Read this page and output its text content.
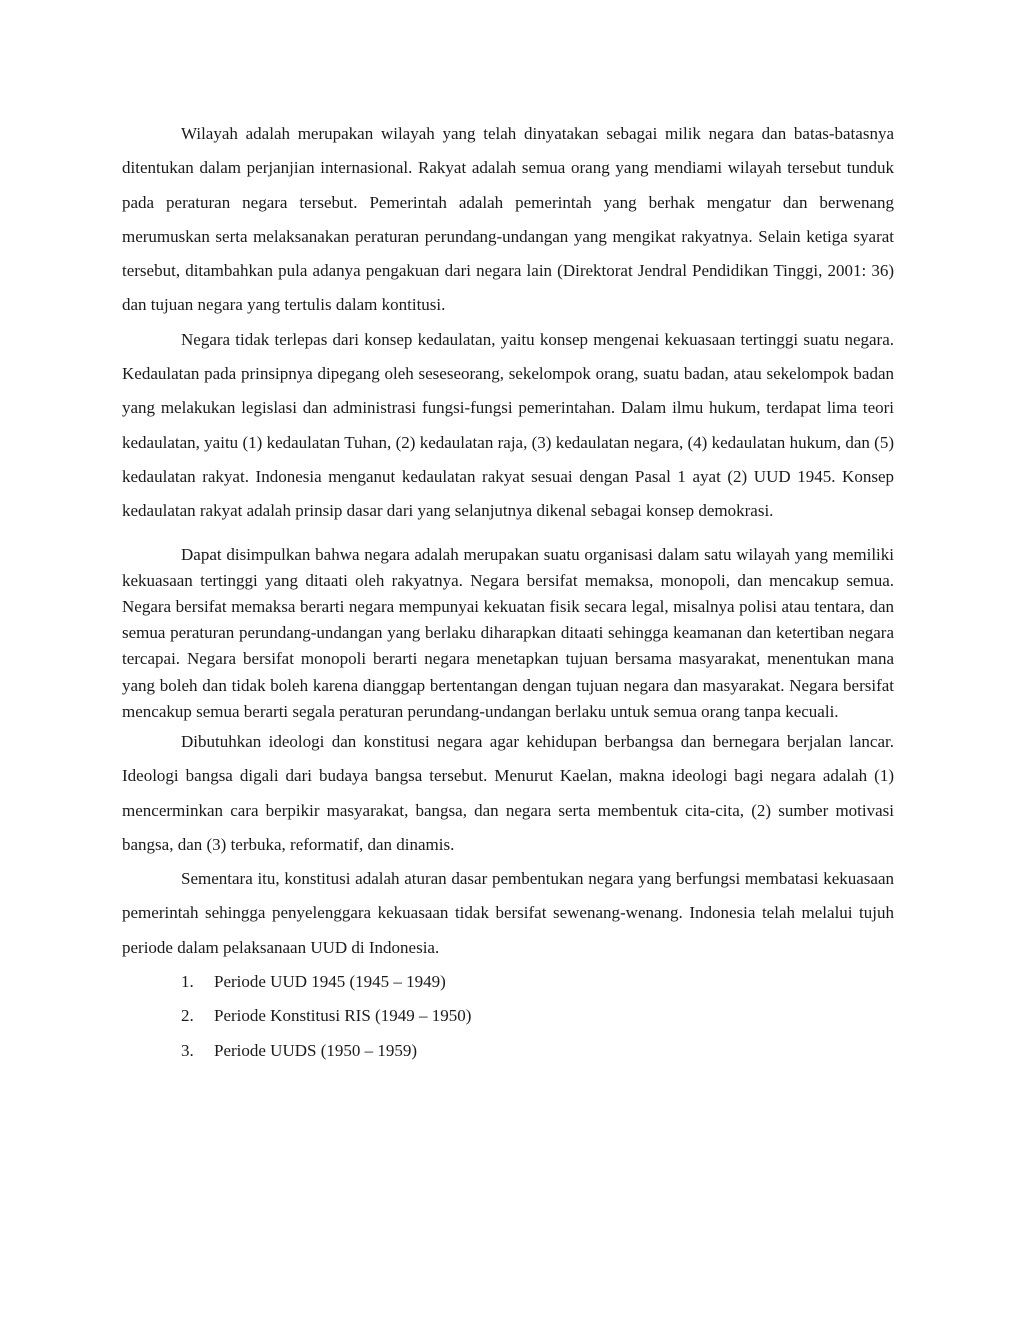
Wilayah adalah merupakan wilayah yang telah dinyatakan sebagai milik negara dan batas-batasnya ditentukan dalam perjanjian internasional. Rakyat adalah semua orang yang mendiami wilayah tersebut tunduk pada peraturan negara tersebut. Pemerintah adalah pemerintah yang berhak mengatur dan berwenang merumuskan serta melaksanakan peraturan perundang-undangan yang mengikat rakyatnya. Selain ketiga syarat tersebut, ditambahkan pula adanya pengakuan dari negara lain (Direktorat Jendral Pendidikan Tinggi, 2001: 36) dan tujuan negara yang tertulis dalam kontitusi.

Negara tidak terlepas dari konsep kedaulatan, yaitu konsep mengenai kekuasaan tertinggi suatu negara. Kedaulatan pada prinsipnya dipegang oleh seseseorang, sekelompok orang, suatu badan, atau sekelompok badan yang melakukan legislasi dan administrasi fungsi-fungsi pemerintahan. Dalam ilmu hukum, terdapat lima teori kedaulatan, yaitu (1) kedaulatan Tuhan, (2) kedaulatan raja, (3) kedaulatan negara, (4) kedaulatan hukum, dan (5) kedaulatan rakyat. Indonesia menganut kedaulatan rakyat sesuai dengan Pasal 1 ayat (2) UUD 1945. Konsep kedaulatan rakyat adalah prinsip dasar dari yang selanjutnya dikenal sebagai konsep demokrasi.

Dapat disimpulkan bahwa negara adalah merupakan suatu organisasi dalam satu wilayah yang memiliki kekuasaan tertinggi yang ditaati oleh rakyatnya. Negara bersifat memaksa, monopoli, dan mencakup semua. Negara bersifat memaksa berarti negara mempunyai kekuatan fisik secara legal, misalnya polisi atau tentara, dan semua peraturan perundang-undangan yang berlaku diharapkan ditaati sehingga keamanan dan ketertiban negara tercapai. Negara bersifat monopoli berarti negara menetapkan tujuan bersama masyarakat, menentukan mana yang boleh dan tidak boleh karena dianggap bertentangan dengan tujuan negara dan masyarakat. Negara bersifat mencakup semua berarti segala peraturan perundang-undangan berlaku untuk semua orang tanpa kecuali.

Dibutuhkan ideologi dan konstitusi negara agar kehidupan berbangsa dan bernegara berjalan lancar. Ideologi bangsa digali dari budaya bangsa tersebut. Menurut Kaelan, makna ideologi bagi negara adalah (1) mencerminkan cara berpikir masyarakat, bangsa, dan negara serta membentuk cita-cita, (2) sumber motivasi bangsa, dan (3) terbuka, reformatif, dan dinamis.

Sementara itu, konstitusi adalah aturan dasar pembentukan negara yang berfungsi membatasi kekuasaan pemerintah sehingga penyelenggara kekuasaan tidak bersifat sewenang-wenang. Indonesia telah melalui tujuh periode dalam pelaksanaan UUD di Indonesia.

1.	Periode UUD 1945 (1945 – 1949)
2.	Periode Konstitusi RIS (1949 – 1950)
3.	Periode UUDS (1950 – 1959)
